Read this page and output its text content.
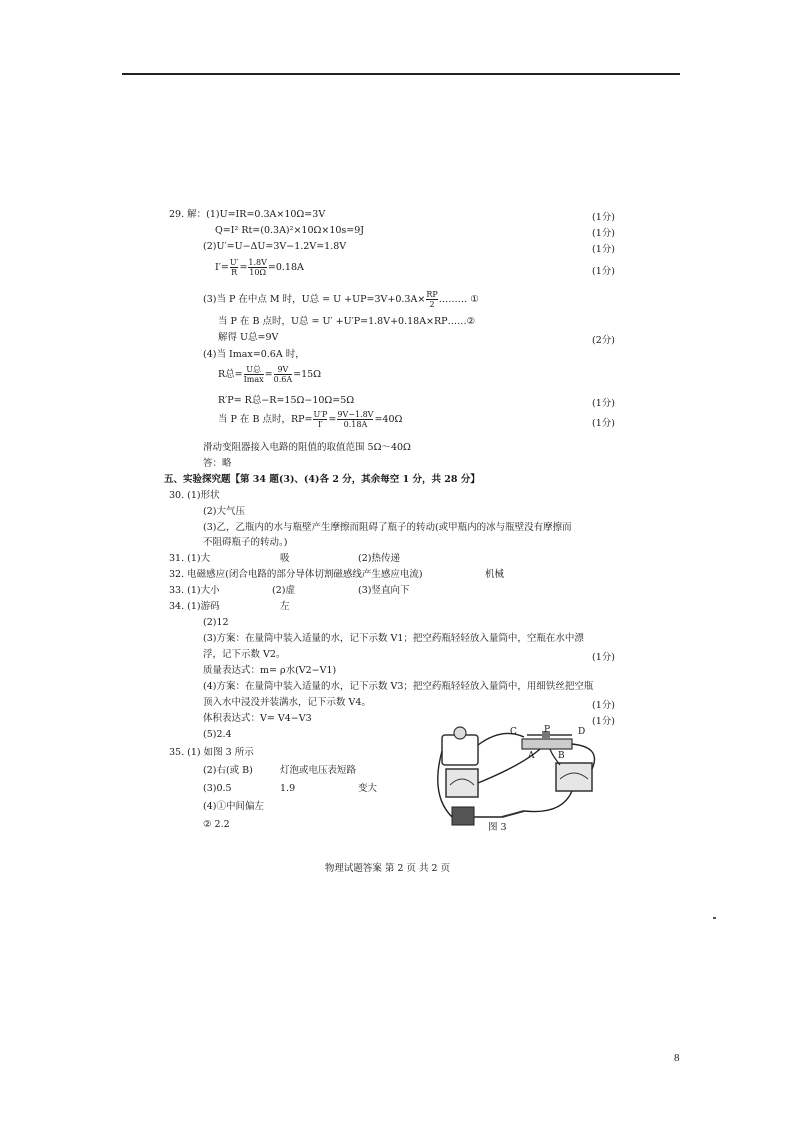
29. 解：(1)U=IR=0.3A×10Ω=3V	(1分)
Q=I² Rt=(0.3A)²×10Ω×10s=9J	(1分)
(2)U′=U−ΔU=3V−1.2V=1.8V	(1分)
$I'= \frac{U'}{R} = \frac{1.8V}{10\Omega} =0.18A$	(1分)
(3)当 P 在中点 M 时，U总 = $U +UP=3V+0.3A\times \frac{RP}{2}$ ……… ①
当 P 在 B 点时，U总 = U′ +U′P=1.8V+0.18A×RP……②
解得 U总=9V	(2分)
(4)当 Imax=0.6A 时，
R总= $\frac{\text{U总}}{Imax} = \frac{9V}{0.6A} =15\Omega$
R′P= R总−R=15Ω−10Ω=5Ω	(1分)
当 P 在 B 点时，$RP= \frac{U'P}{I'} = \frac{9V-1.8V}{0.18A} =40\Omega$	(1分)
滑动变阻器接入电路的阻值的取值范围 5Ω～40Ω
答：略
五、实验探究题【第 34 题(3)、(4)各 2 分，其余每空 1 分，共 28 分】
30. (1)形状
(2)大气压
(3)乙，乙瓶内的水与瓶壁产生摩擦而阻碍了瓶子的转动(或甲瓶内的冰与瓶壁没有摩擦而
不阻碍瓶子的转动。)
31. (1)大	吸	(2)热传递
32. 电磁感应(闭合电路的部分导体切割磁感线产生感应电流)	机械
33. (1)大小	(2)虚	(3)竖直向下
34. (1)游码	左
(2)12
(3)方案：在量筒中装入适量的水，记下示数 V1；把空药瓶轻轻放入量筒中，空瓶在水中漂
浮，记下示数 V2。	(1分)
质量表达式：m= ρ水(V2−V1)
(4)方案：在量筒中装入适量的水，记下示数 V3；把空药瓶轻轻放入量筒中，用细铁丝把空瓶
顶入水中浸没并装满水，记下示数 V4。	(1分)
体积表达式：V= V4−V3	(1分)
(5)2.4
35. (1) 如图 3 所示
(2)右(或 B)	灯泡或电压表短路
(3)0.5	1.9	变大
(4)①中间偏左
② 2.2
C	P	D
A	B
图 3
物理试题答案 第 2 页 共 2 页
8
